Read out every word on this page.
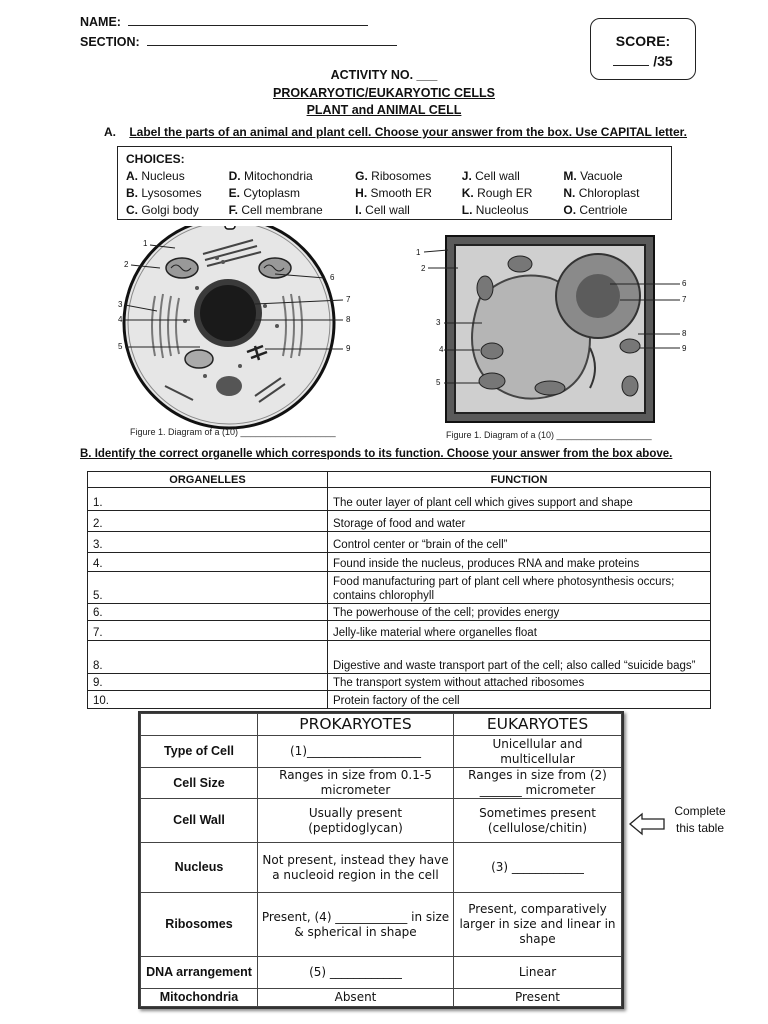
NAME:
SECTION:	SCORE:
/35
ACTIVITY NO. ___
PROKARYOTIC/EUKARYOTIC CELLS
PLANT and ANIMAL CELL
A. Label the parts of an animal and plant cell. Choose your answer from the box. Use CAPITAL letter.
CHOICES:
A. Nucleus	D. Mitochondria	G. Ribosomes	J. Cell wall	M. Vacuole
B. Lysosomes	E. Cytoplasm	H. Smooth ER	K. Rough ER	N. Chloroplast
C. Golgi body	F. Cell membrane	I. Cell wall	L. Nucleolus	O. Centriole
1
2
3
4
5
6
7
8
9
Figure 1. Diagram of a (10) ___________________
1
2
3
4
5
6
7
8
9
Figure 1. Diagram of a (10) ___________________
B. Identify the correct organelle which corresponds to its function. Choose your answer from the box above.
ORGANELLES	FUNCTION
1.	The outer layer of plant cell which gives support and shape
2.	Storage of food and water
3.	Control center or “brain of the cell”
4.	Found inside the nucleus, produces RNA and make proteins
5.	Food manufacturing part of plant cell where photosynthesis occurs; contains chlorophyll
6.	The powerhouse of the cell; provides energy
7.	Jelly-like material where organelles float
8.	Digestive and waste transport part of the cell; also called “suicide bags”
9.	The transport system without attached ribosomes
10.	Protein factory of the cell
	PROKARYOTES	EUKARYOTES
Type of Cell	(1)___________________	Unicellular and multicellular
Cell Size	Ranges in size from 0.1-5 micrometer	Ranges in size from (2) _______ micrometer
Cell Wall	Usually present (peptidoglycan)	Sometimes present (cellulose/chitin)
Nucleus	Not present, instead they have a nucleoid region in the cell	(3) ____________
Ribosomes	Present, (4) ____________ in size & spherical in shape	Present, comparatively larger in size and linear in shape
DNA arrangement	(5) ____________	Linear
Mitochondria	Absent	Present
Complete this table
